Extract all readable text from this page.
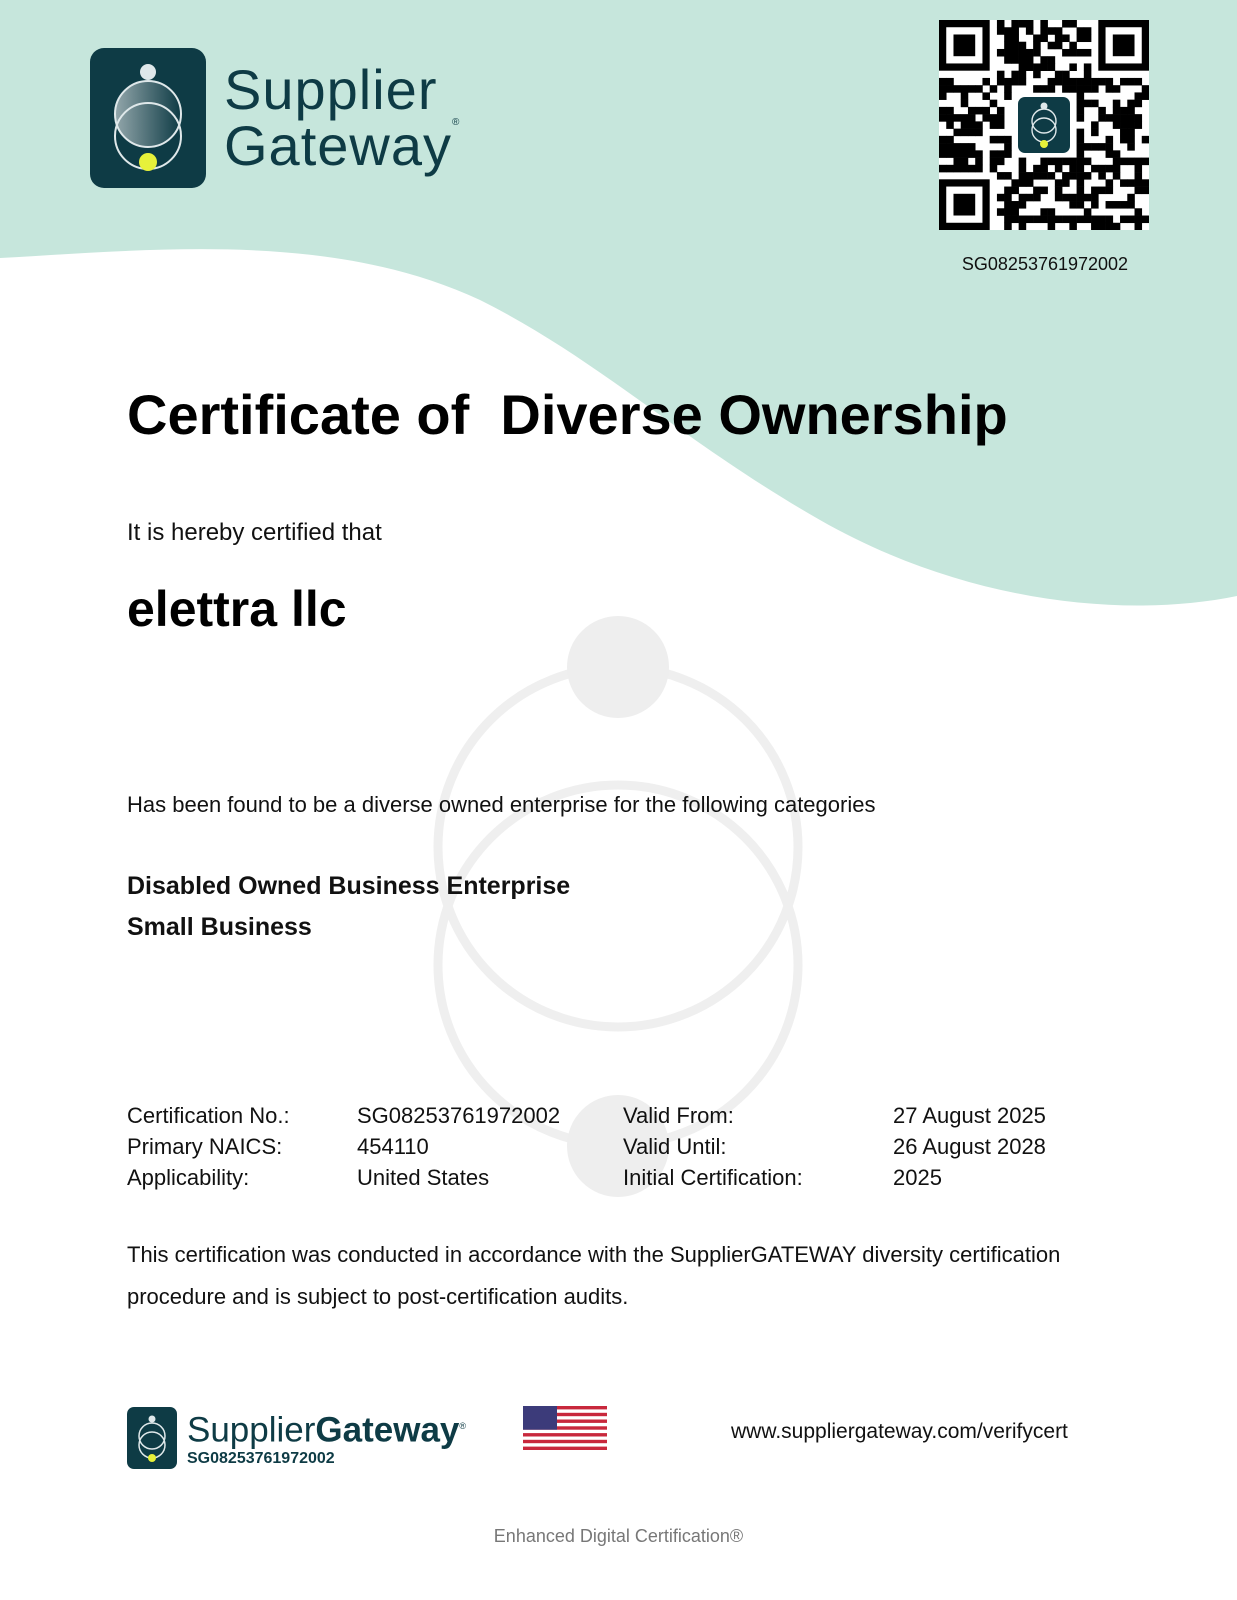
Supplier
Gateway®
SG08253761972002
Certificate of  Diverse Ownership
It is hereby certified that
elettra llc
Has been found to be a diverse owned enterprise for the following categories
Disabled Owned Business Enterprise
Small Business
Certification No.:	SG08253761972002	Valid From:	27 August 2025
Primary NAICS:	454110	Valid Until:	26 August 2028
Applicability:	United States	Initial Certification:	2025
This certification was conducted in accordance with the SupplierGATEWAY diversity certification procedure and is subject to post-certification audits.
SupplierGateway®
SG08253761972002
www.suppliergateway.com/verifycert
Enhanced Digital Certification®
